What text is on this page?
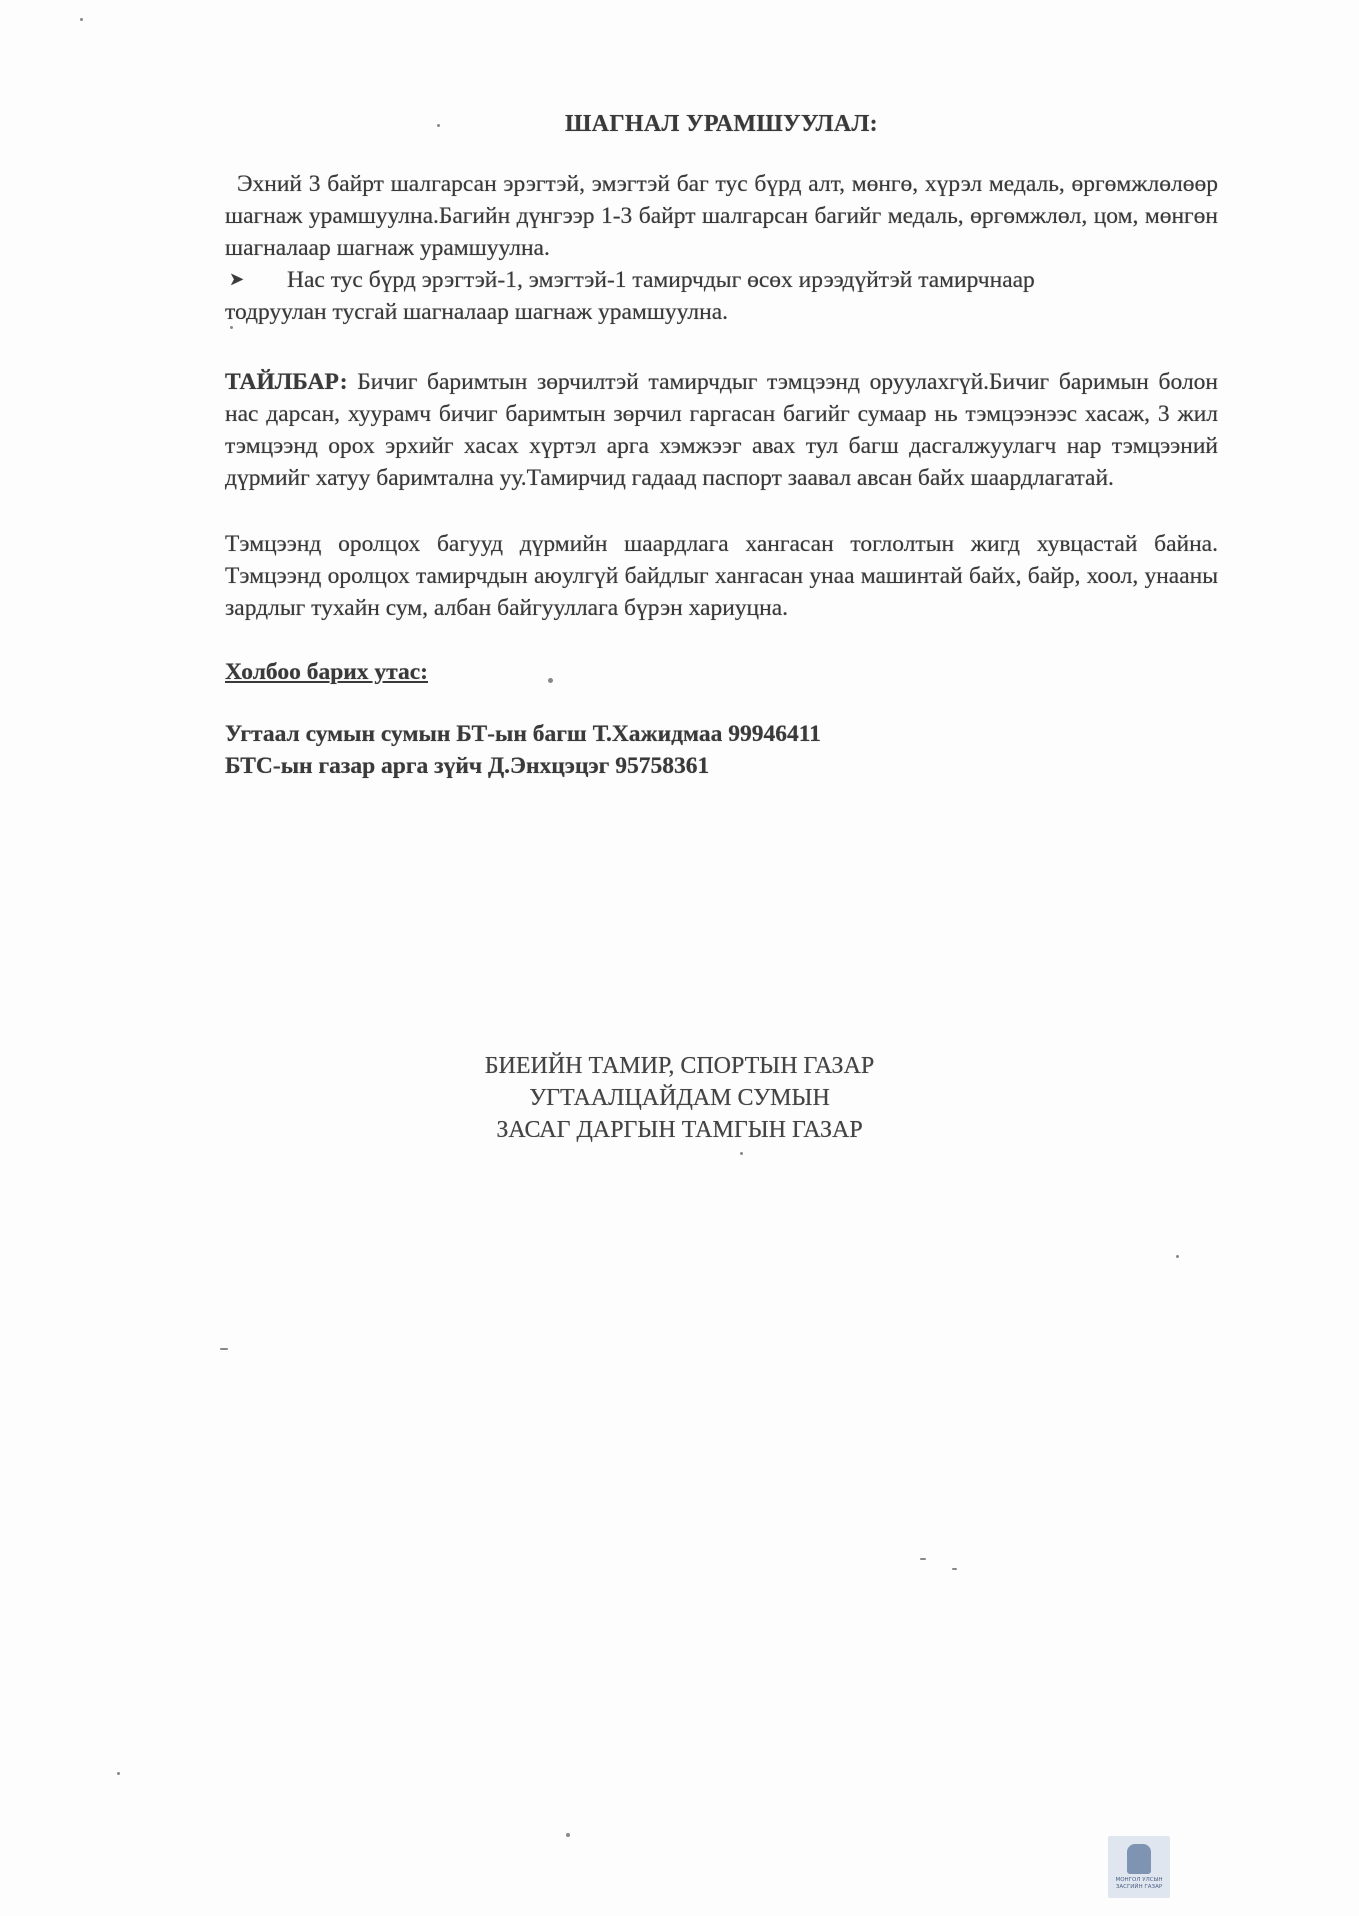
ШАГНАЛ УРАМШУУЛАЛ:

Эхний 3 байрт шалгарсан эрэгтэй, эмэгтэй баг тус бүрд алт, мөнгө, хүрэл медаль, өргөмжлөлөөр шагнаж урамшуулна.Багийн дүнгээр 1-3 байрт шалгарсан багийг медаль, өргөмжлөл, цом, мөнгөн шагналаар шагнаж урамшуулна.

➤	Нас тус бүрд эрэгтэй-1, эмэгтэй-1 тамирчдыг өсөх ирээдүйтэй тамирчнаар

тодруулан тусгай шагналаар шагнаж урамшуулна.

ТАЙЛБАР: Бичиг баримтын зөрчилтэй тамирчдыг тэмцээнд оруулахгүй.Бичиг баримын болон нас дарсан, хуурамч бичиг баримтын зөрчил гаргасан багийг сумаар нь тэмцээнээс хасаж, 3 жил тэмцээнд орох эрхийг хасах хүртэл арга хэмжээг авах тул багш дасгалжуулагч нар тэмцээний дүрмийг хатуу баримтална уу.Тамирчид гадаад паспорт заавал авсан байх шаардлагатай.

Тэмцээнд оролцох багууд дүрмийн шаардлага хангасан тоглолтын жигд хувцастай байна. Тэмцээнд оролцох тамирчдын аюулгүй байдлыг хангасан унаа машинтай байх, байр, хоол, унааны зардлыг тухайн сум, албан байгууллага бүрэн хариуцна.

Холбоо барих утас:
Угтаал сумын сумын БТ-ын багш Т.Хажидмаа 99946411
БТС-ын газар арга зүйч Д.Энхцэцэг 95758361
БИЕИЙН ТАМИР, СПОРТЫН ГАЗАР
УГТААЛЦАЙДАМ СУМЫН
ЗАСАГ ДАРГЫН ТАМГЫН ГАЗАР
МОНГОЛ УЛСЫН
ЗАСГИЙН ГАЗАР
